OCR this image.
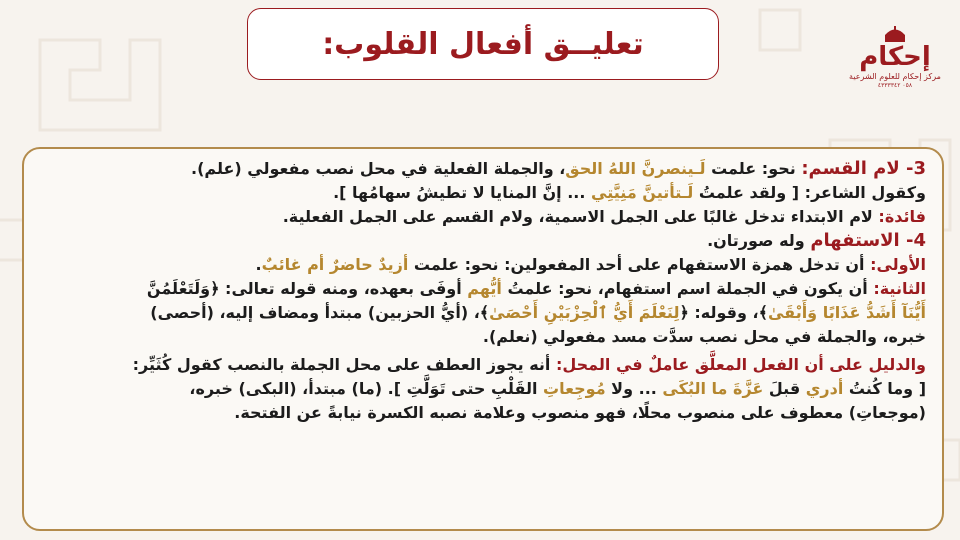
تعليــق أفعال القلوب:	إحكام
مركز إحكام للعلوم الشرعية
٠٥٨ ٤٣٣٣٣٤٢

3- لام القسم: نحو: علمت لَـينصرنَّ اللهُ الحق، والجملة الفعلية في محل نصب مفعولي (علم).

وكقول الشاعر: [ ولقد علمتُ لَـتأتينَّ مَنِيَّتِي ... إنَّ المنايا لا تطيشُ سهامُها ].

فائدة: لام الابتداء تدخل غالبًا على الجمل الاسمية، ولام القسم على الجمل الفعلية.

4- الاستفهام وله صورتان.

الأولى: أن تدخل همزة الاستفهام على أحد المفعولين: نحو: علمت أزيدٌ حاضرٌ أم غائبٌ.

الثانية: أن يكون في الجملة اسم استفهام، نحو: علمتُ أيُّهم أوفَى بعهده، ومنه قوله تعالى: ﴿وَلَتَعْلَمُنَّ

أَيُّنَآ أَشَدُّ عَذَابًا وَأَبْقَىٰ﴾، وقوله: ﴿لِنَعْلَمَ أَيُّ ٱلْحِزْبَيْنِ أَحْصَىٰ﴾، (أيُّ الحزبين) مبتدأ ومضاف إليه، (أحصى)

خبره، والجملة في محل نصب سدَّت مسد مفعولي (نعلم).

والدليل على أن الفعل المعلَّق عاملٌ في المحل: أنه يجوز العطف على محل الجملة بالنصب كقول كُثَيِّر:

[ وما كُنتُ أدري قبلَ عَزَّةَ ما البُكَى ... ولا مُوجِعاتِ القَلْبِ حتى تَوَلَّتِ ]. (ما) مبتدأ، (البكى) خبره،

(موجعاتِ) معطوف على منصوب محلًا، فهو منصوب وعلامة نصبه الكسرة نيابةً عن الفتحة.
